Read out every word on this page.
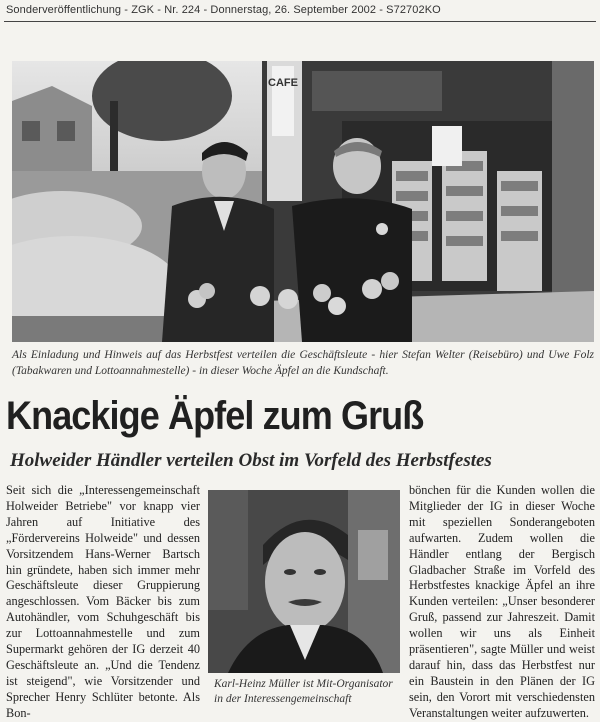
Sonderveröffentlichung - ZGK - Nr. 224 - Donnerstag, 26. September 2002 - S72702KO
CAFE
Als Einladung und Hinweis auf das Herbstfest verteilen die Geschäftsleute - hier Stefan Welter (Reisebüro) und Uwe Folz (Tabakwaren und Lottoannahmestelle) - in dieser Woche Äpfel an die Kundschaft.
Knackige Äpfel zum Gruß
Holweider Händler verteilen Obst im Vorfeld des Herbstfestes

Seit sich die „Interessengemeinschaft Holweider Betriebe" vor knapp vier Jahren auf Initiative des „Fördervereins Holweide" und dessen Vorsitzendem Hans-Werner Bartsch hin gründete, haben sich immer mehr Geschäftsleute dieser Gruppierung angeschlossen. Vom Bäcker bis zum Autohändler, vom Schuhgeschäft bis zur Lottoannahmestelle und zum Supermarkt gehören der IG derzeit 40 Geschäftsleute an. „Und die Tendenz ist steigend", wie Vorsitzender und Sprecher Henry Schlüter betonte. Als Bon-

Karl-Heinz Müller ist Mit-Organisator in der Interessengemeinschaft

bönchen für die Kunden wollen die Mitglieder der IG in dieser Woche mit speziellen Sonderangeboten aufwarten. Zudem wollen die Händler entlang der Bergisch Gladbacher Straße im Vorfeld des Herbstfestes knackige Äpfel an ihre Kunden verteilen: „Unser besonderer Gruß, passend zur Jahreszeit. Damit wollen wir uns als Einheit präsentieren", sagte Müller und weist darauf hin, dass das Herbstfest nur ein Baustein in den Plänen der IG sein, den Vorort mit verschiedensten Veranstaltungen weiter aufzuwerten.
